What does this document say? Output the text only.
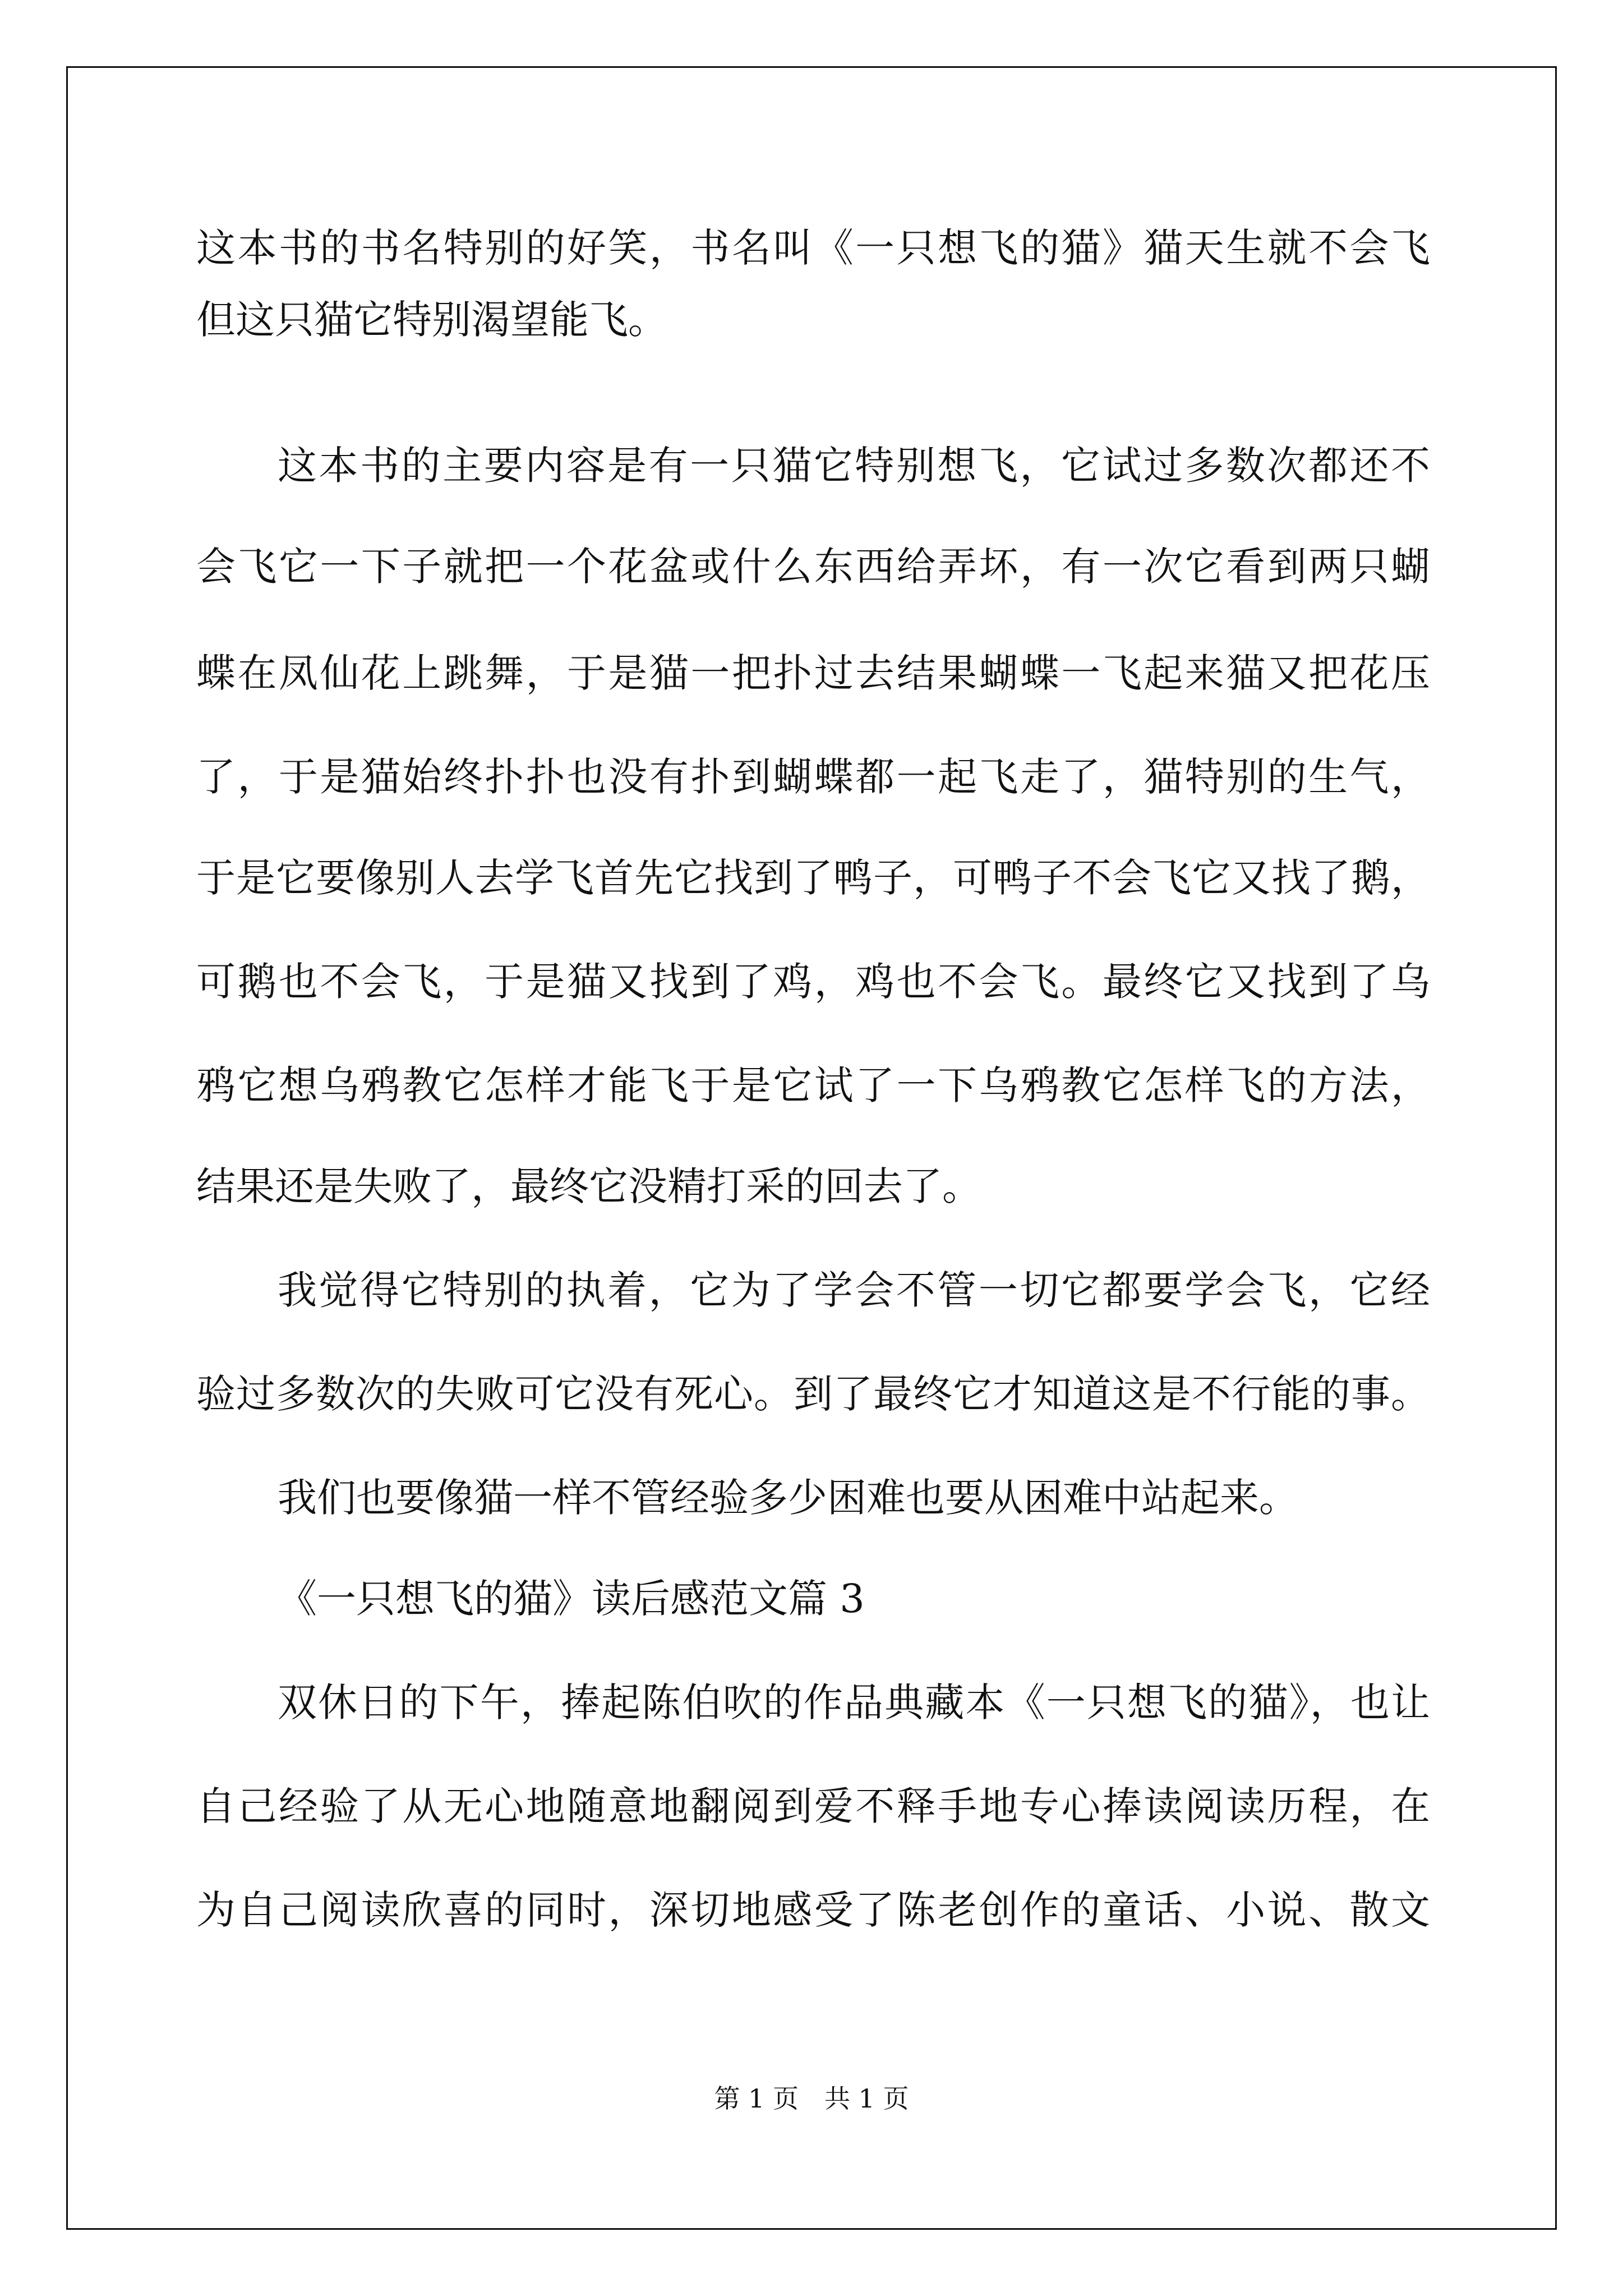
这本书的书名特别的好笑，书名叫《一只想飞的猫》猫天生就不会飞
但这只猫它特别渴望能飞。
这本书的主要内容是有一只猫它特别想飞，它试过多数次都还不
会飞它一下子就把一个花盆或什么东西给弄坏，有一次它看到两只蝴
蝶在凤仙花上跳舞，于是猫一把扑过去结果蝴蝶一飞起来猫又把花压
了，于是猫始终扑扑也没有扑到蝴蝶都一起飞走了，猫特别的生气，
于是它要像别人去学飞首先它找到了鸭子，可鸭子不会飞它又找了鹅，
可鹅也不会飞，于是猫又找到了鸡，鸡也不会飞。最终它又找到了乌
鸦它想乌鸦教它怎样才能飞于是它试了一下乌鸦教它怎样飞的方法，
结果还是失败了，最终它没精打采的回去了。
我觉得它特别的执着，它为了学会不管一切它都要学会飞，它经
验过多数次的失败可它没有死心。到了最终它才知道这是不行能的事。
我们也要像猫一样不管经验多少困难也要从困难中站起来。
《一只想飞的猫》读后感范文篇 3
双休日的下午，捧起陈伯吹的作品典藏本《一只想飞的猫》，也让
自己经验了从无心地随意地翻阅到爱不释手地专心捧读阅读历程，在
为自己阅读欣喜的同时，深切地感受了陈老创作的童话、小说、散文
第 1 页　共 1 页
